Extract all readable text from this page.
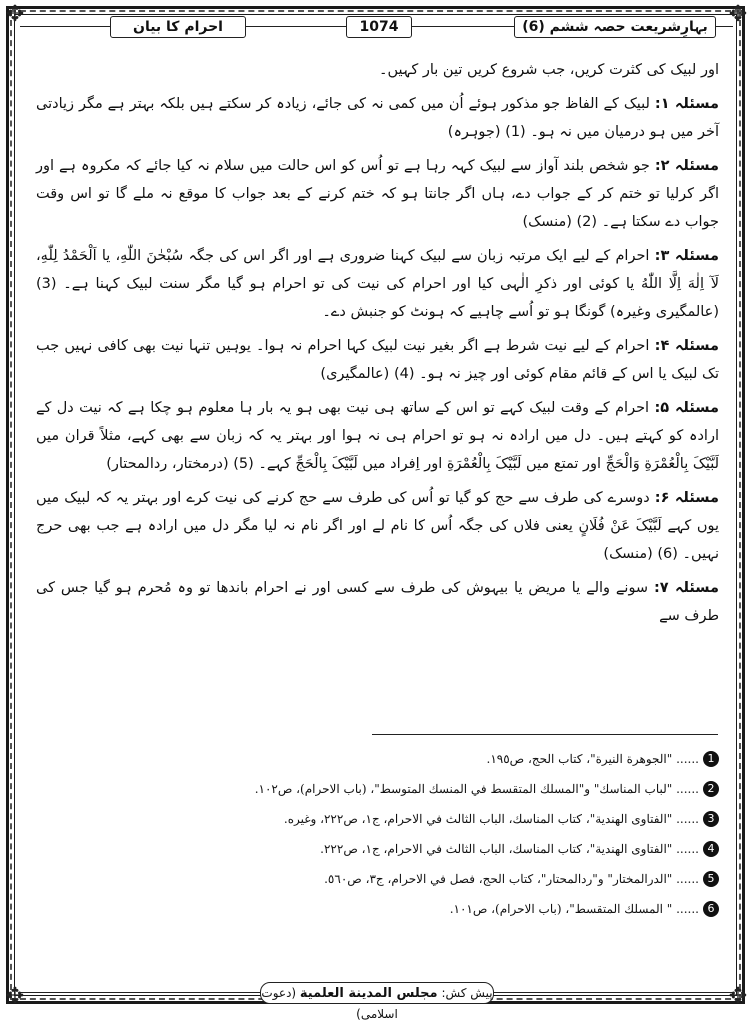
✥	✥
✥	✥
احرام کا بیان	1074	بہارِشریعت حصہ ششم (6)

اور لبیک کی کثرت کریں، جب شروع کریں تین بار کہیں۔

مسئلہ ۱: لبیک کے الفاظ جو مذکور ہوئے اُن میں کمی نہ کی جائے، زیادہ کر سکتے ہیں بلکہ بہتر ہے مگر زیادتی آخر میں ہو درمیان میں نہ ہو۔ (1) (جوہرہ)

مسئلہ ۲: جو شخص بلند آواز سے لبیک کہہ رہا ہے تو اُس کو اس حالت میں سلام نہ کیا جائے کہ مکروہ ہے اور اگر کرلیا تو ختم کر کے جواب دے، ہاں اگر جانتا ہو کہ ختم کرنے کے بعد جواب کا موقع نہ ملے گا تو اس وقت جواب دے سکتا ہے۔ (2) (منسک)

مسئلہ ۳: احرام کے لیے ایک مرتبہ زبان سے لبیک کہنا ضروری ہے اور اگر اس کی جگہ سُبْحٰنَ اللّٰهِ، یا اَلْحَمْدُ لِلّٰهِ، لَآ اِلٰهَ اِلَّا اللّٰهُ یا کوئی اور ذکرِ الٰہی کیا اور احرام کی نیت کی تو احرام ہو گیا مگر سنت لبیک کہنا ہے۔ (3) (عالمگیری وغیرہ) گونگا ہو تو اُسے چاہیے کہ ہونٹ کو جنبش دے۔

مسئلہ ۴: احرام کے لیے نیت شرط ہے اگر بغیر نیت لبیک کہا احرام نہ ہوا۔ یوہیں تنہا نیت بھی کافی نہیں جب تک لبیک یا اس کے قائم مقام کوئی اور چیز نہ ہو۔ (4) (عالمگیری)

مسئلہ ۵: احرام کے وقت لبیک کہے تو اس کے ساتھ ہی نیت بھی ہو یہ بار ہا معلوم ہو چکا ہے کہ نیت دل کے ارادہ کو کہتے ہیں۔ دل میں ارادہ نہ ہو تو احرام ہی نہ ہوا اور بہتر یہ کہ زبان سے بھی کہے، مثلاً قران میں لَبَّیْکَ بِالْعُمْرَةِ وَالْحَجِّ اور تمتع میں لَبَّیْکَ بِالْعُمْرَةِ اور اِفراد میں لَبَّیْکَ بِالْحَجِّ کہے۔ (5) (درمختار، ردالمحتار)

مسئلہ ۶: دوسرے کی طرف سے حج کو گیا تو اُس کی طرف سے حج کرنے کی نیت کرے اور بہتر یہ کہ لبیک میں یوں کہے لَبَّیْکَ عَنْ فُلَانٍ یعنی فلاں کی جگہ اُس کا نام لے اور اگر نام نہ لیا مگر دل میں ارادہ ہے جب بھی حرج نہیں۔ (6) (منسک)

مسئلہ ۷: سونے والے یا مریض یا بیہوش کی طرف سے کسی اور نے احرام باندھا تو وہ مُحرم ہو گیا جس کی طرف سے

1
...... "الجوهرة النيرة"، كتاب الحج، ص١٩٥.
2
...... "لباب المناسك" و"المسلك المتقسط في المنسك المتوسط"، (باب الاحرام)، ص١٠٢.
3
...... "الفتاوى الهندية"، كتاب المناسك، الباب الثالث في الاحرام، ج١، ص٢٢٢، وغيره.
4
...... "الفتاوى الهندية"، كتاب المناسك، الباب الثالث في الاحرام، ج١، ص٢٢٢.
5
...... "الدرالمختار" و"ردالمحتار"، كتاب الحج، فصل في الاحرام، ج٣، ص٥٦٠.
6
...... " المسلك المتقسط"، (باب الاحرام)، ص١٠١.
پیش کش: مجلس المدينة العلمية (دعوت اسلامی)
